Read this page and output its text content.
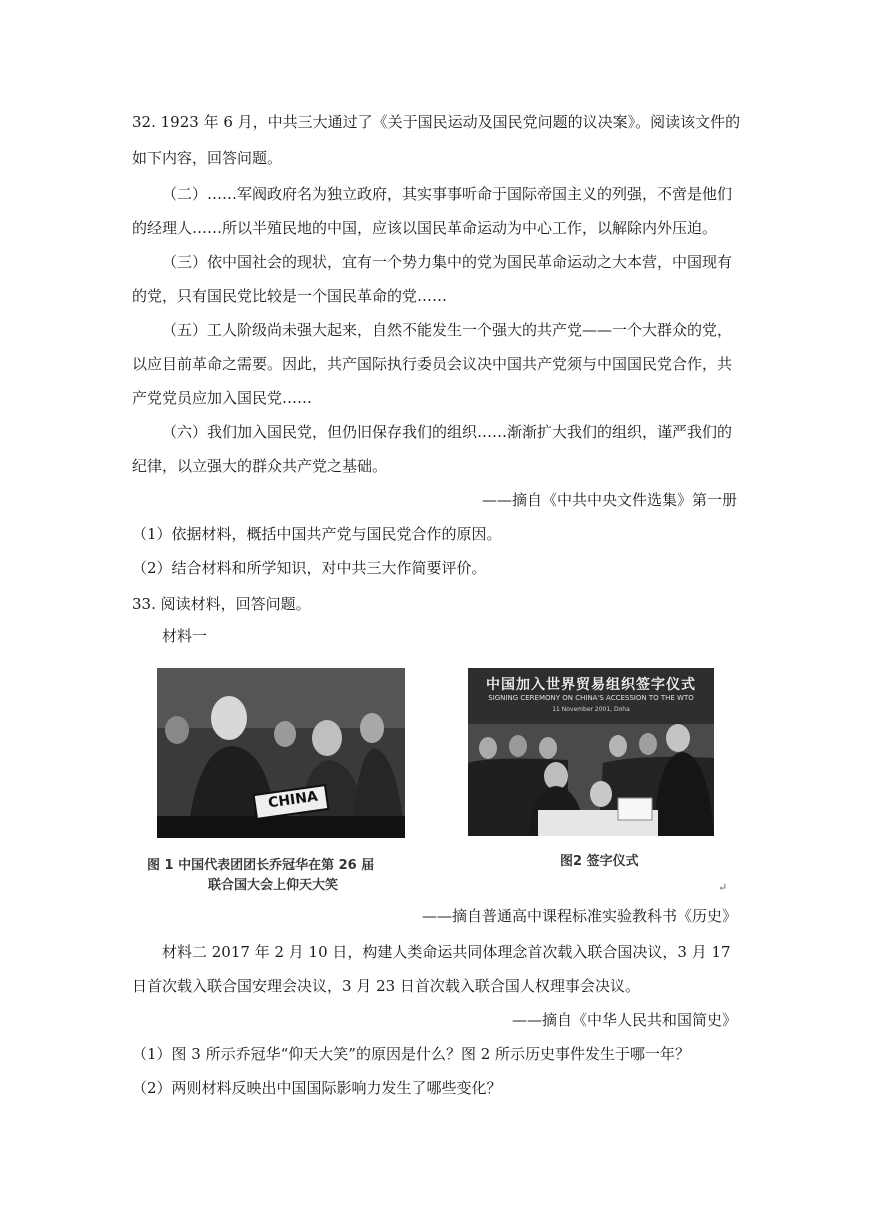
32. 1923 年 6 月，中共三大通过了《关于国民运动及国民党问题的议决案》。阅读该文件的
如下内容，回答问题。
（二）……军阀政府名为独立政府，其实事事听命于国际帝国主义的列强，不啻是他们
的经理人……所以半殖民地的中国，应该以国民革命运动为中心工作，以解除内外压迫。
（三）依中国社会的现状，宜有一个势力集中的党为国民革命运动之大本营，中国现有
的党，只有国民党比较是一个国民革命的党……
（五）工人阶级尚未强大起来，自然不能发生一个强大的共产党——一个大群众的党，
以应目前革命之需要。因此，共产国际执行委员会议决中国共产党须与中国国民党合作，共
产党党员应加入国民党……
（六）我们加入国民党，但仍旧保存我们的组织……渐渐扩大我们的组织，谨严我们的
纪律，以立强大的群众共产党之基础。
——摘自《中共中央文件选集》第一册
（1）依据材料，概括中国共产党与国民党合作的原因。
（2）结合材料和所学知识，对中共三大作简要评价。
33. 阅读材料，回答问题。
材料一
CHINA
图 1 中国代表团团长乔冠华在第 26 届
联合国大会上仰天大笑
中国加入世界贸易组织签字仪式
SIGNING CEREMONY ON CHINA'S ACCESSION TO THE WTO
11 November 2001, Doha
图2 签字仪式
↵
——摘自普通高中课程标准实验教科书《历史》
材料二 2017 年 2 月 10 日，构建人类命运共同体理念首次载入联合国决议，3 月 17
日首次载入联合国安理会决议，3 月 23 日首次载入联合国人权理事会决议。
——摘自《中华人民共和国简史》
（1）图 3 所示乔冠华“仰天大笑”的原因是什么？图 2 所示历史事件发生于哪一年？
（2）两则材料反映出中国国际影响力发生了哪些变化？
